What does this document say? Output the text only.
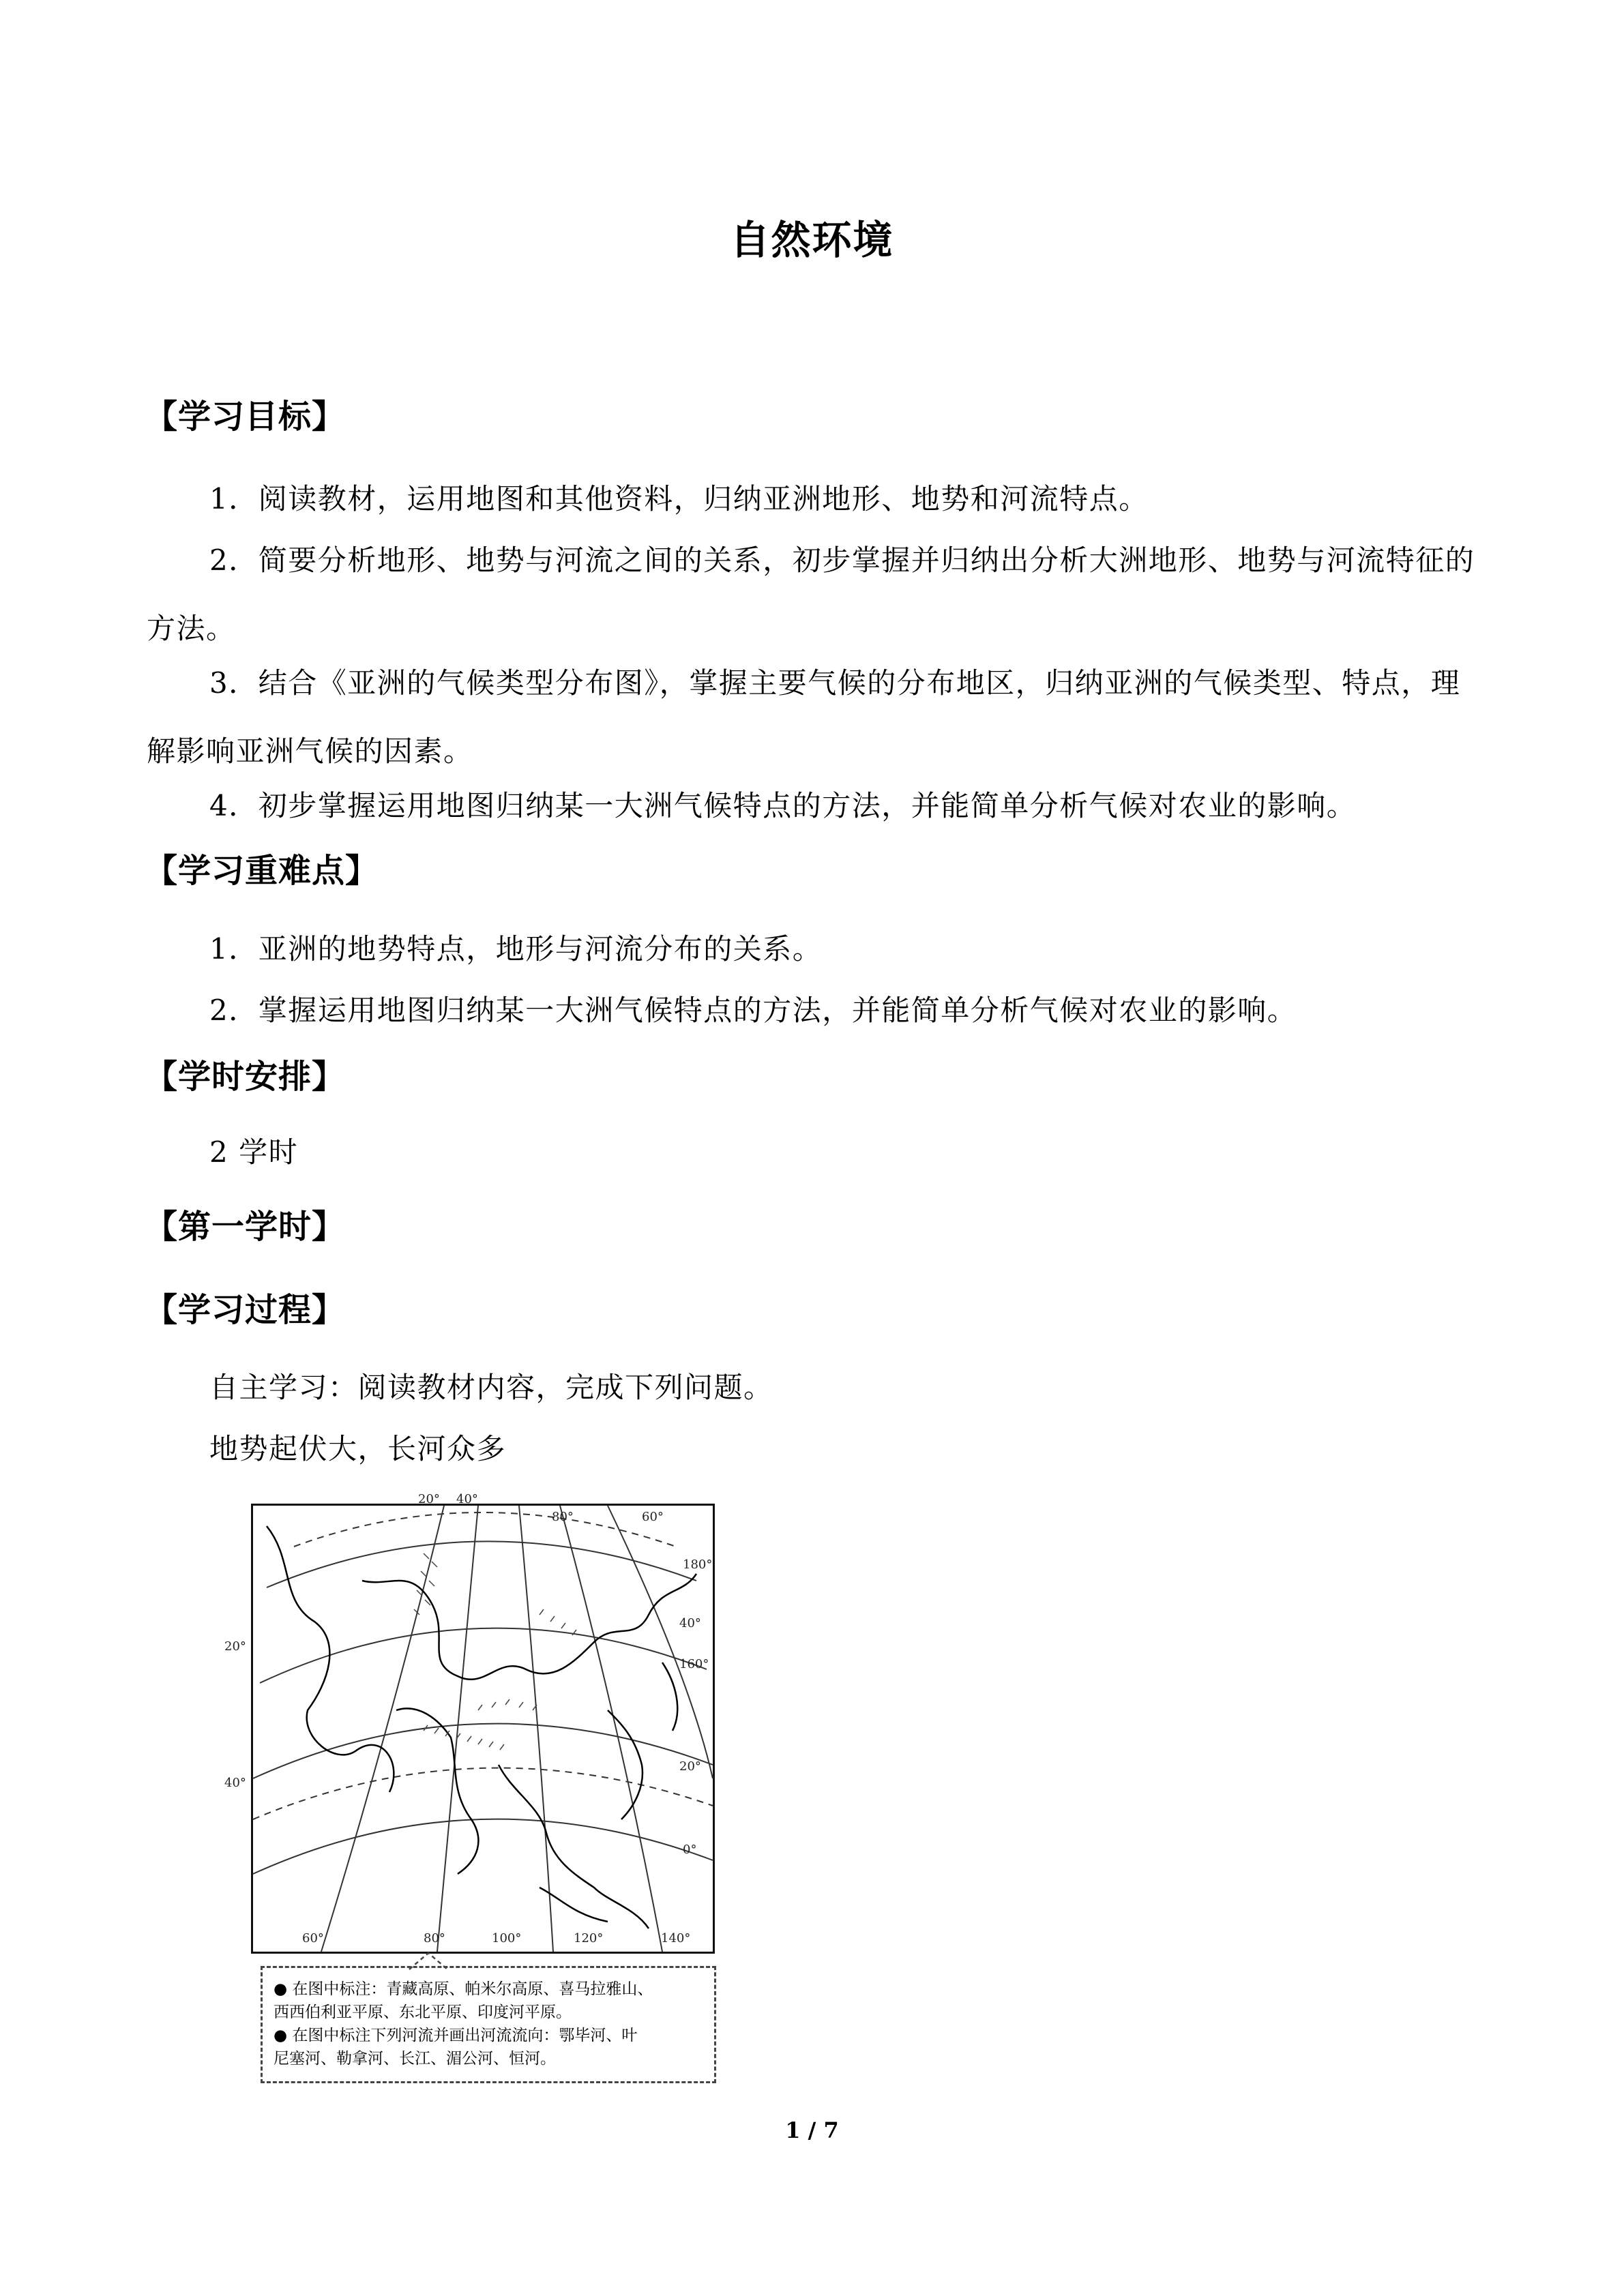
自然环境
【学习目标】
1．阅读教材，运用地图和其他资料，归纳亚洲地形、地势和河流特点。
2．简要分析地形、地势与河流之间的关系，初步掌握并归纳出分析大洲地形、地势与河流特征的方法。
3．结合《亚洲的气候类型分布图》，掌握主要气候的分布地区，归纳亚洲的气候类型、特点，理解影响亚洲气候的因素。
4．初步掌握运用地图归纳某一大洲气候特点的方法，并能简单分析气候对农业的影响。
【学习重难点】
1．亚洲的地势特点，地形与河流分布的关系。
2．掌握运用地图归纳某一大洲气候特点的方法，并能简单分析气候对农业的影响。
【学时安排】
2 学时
【第一学时】
【学习过程】
自主学习：阅读教材内容，完成下列问题。
地势起伏大，长河众多
20° 40°
80°	60°
180°
40°
160°
20°
0°
20°
40°
60°	80°	100°	120°	140°
● 在图中标注：青藏高原、帕米尔高原、喜马拉雅山、
西西伯利亚平原、东北平原、印度河平原。
● 在图中标注下列河流并画出河流流向：鄂毕河、叶
尼塞河、勒拿河、长江、湄公河、恒河。
1 / 7
